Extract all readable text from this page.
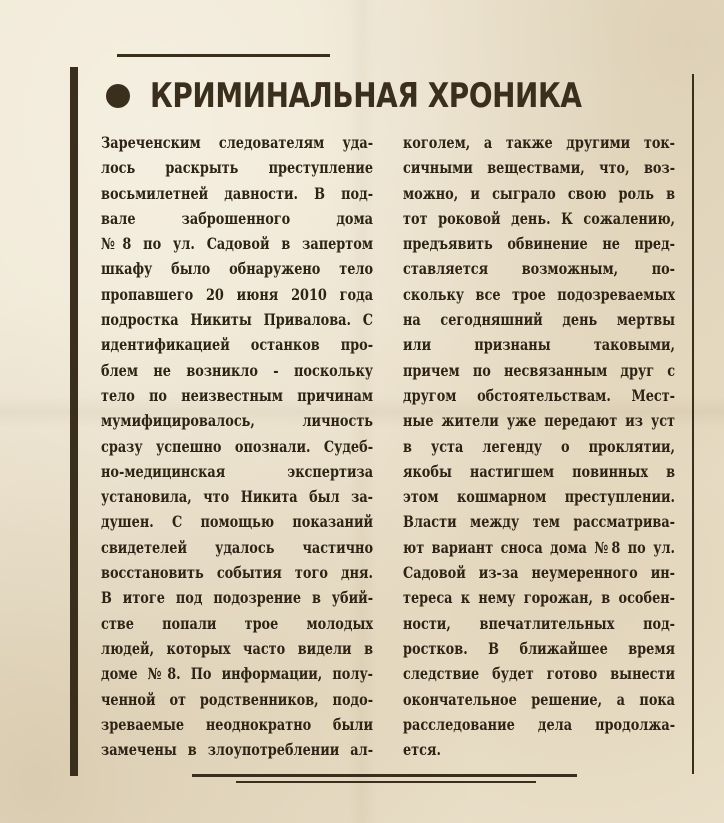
КРИМИНАЛЬНАЯ ХРОНИКА
Зареченским следователям уда-
лось раскрыть преступление
восьмилетней давности. В под-
вале заброшенного дома
№8 по ул. Садовой в запертом
шкафу было обнаружено тело
пропавшего 20 июня 2010 года
подростка Никиты Привалова. С
идентификацией останков про-
блем не возникло - поскольку
тело по неизвестным причинам
мумифицировалось, личность
сразу успешно опознали. Судеб-
но-медицинская экспертиза
установила, что Никита был за-
душен. С помощью показаний
свидетелей удалось частично
восстановить события того дня.
В итоге под подозрение в убий-
стве попали трое молодых
людей, которых часто видели в
доме №8. По информации, полу-
ченной от родственников, подо-
зреваемые неоднократно были
замечены в злоупотреблении ал-
коголем, а также другими ток-
сичными веществами, что, воз-
можно, и сыграло свою роль в
тот роковой день. К сожалению,
предъявить обвинение не пред-
ставляется возможным, по-
скольку все трое подозреваемых
на сегодняшний день мертвы
или признаны таковыми,
причем по несвязанным друг с
другом обстоятельствам. Мест-
ные жители уже передают из уст
в уста легенду о проклятии,
якобы настигшем повинных в
этом кошмарном преступлении.
Власти между тем рассматрива-
ют вариант сноса дома №8 по ул.
Садовой из-за неумеренного ин-
тереса к нему горожан, в особен-
ности, впечатлительных под-
ростков. В ближайшее время
следствие будет готово вынести
окончательное решение, а пока
расследование дела продолжа-
ется.
